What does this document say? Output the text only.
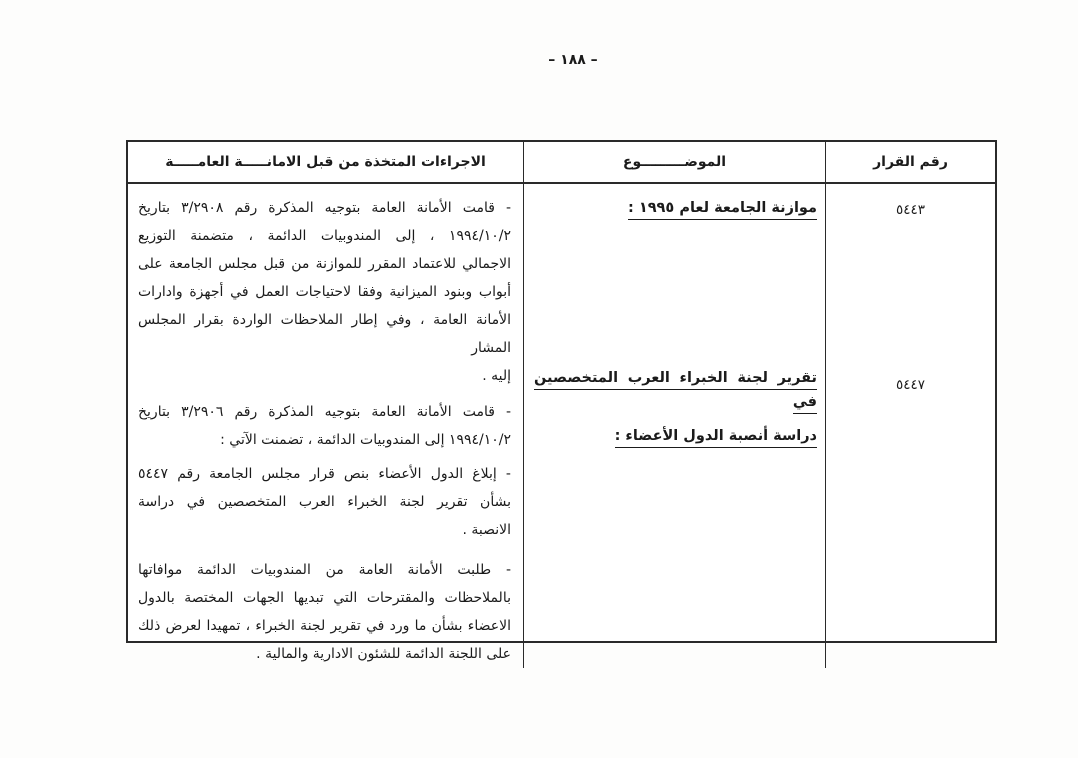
– ١٨٨ –
رقم القرار
الموضـــــــــوع
الاجراءات المتخذة من قبل الامانـــــة العامـــــة
٥٤٤٣
٥٤٤٧
موازنة الجامعة لعام ١٩٩٥ :
تقرير لجنة الخبراء العرب المتخصصين في
دراسة أنصبة الدول الأعضاء :
- قامت الأمانة العامة بتوجيه المذكرة رقم ٣/٢٩٠٨ بتاريخ
١٩٩٤/١٠/٢ ، إلى المندوبيات الدائمة ، متضمنة التوزيع
الاجمالي للاعتماد المقرر للموازنة من قبل مجلس الجامعة على
أبواب وبنود الميزانية وفقا لاحتياجات العمل في أجهزة وادارات
الأمانة العامة ، وفي إطار الملاحظات الواردة بقرار المجلس المشار
إليه .
- قامت الأمانة العامة بتوجيه المذكرة رقم ٣/٢٩٠٦ بتاريخ
١٩٩٤/١٠/٢ إلى المندوبيات الدائمة ، تضمنت الآتي :
- إبلاغ الدول الأعضاء بنص قرار مجلس الجامعة رقم ٥٤٤٧
بشأن تقرير لجنة الخبراء العرب المتخصصين في دراسة
الانصبة .
- طلبت الأمانة العامة من المندوبيات الدائمة موافاتها
بالملاحظات والمقترحات التي تبديها الجهات المختصة بالدول
الاعضاء بشأن ما ورد في تقرير لجنة الخبراء ، تمهيدا لعرض ذلك
على اللجنة الدائمة للشئون الادارية والمالية .
